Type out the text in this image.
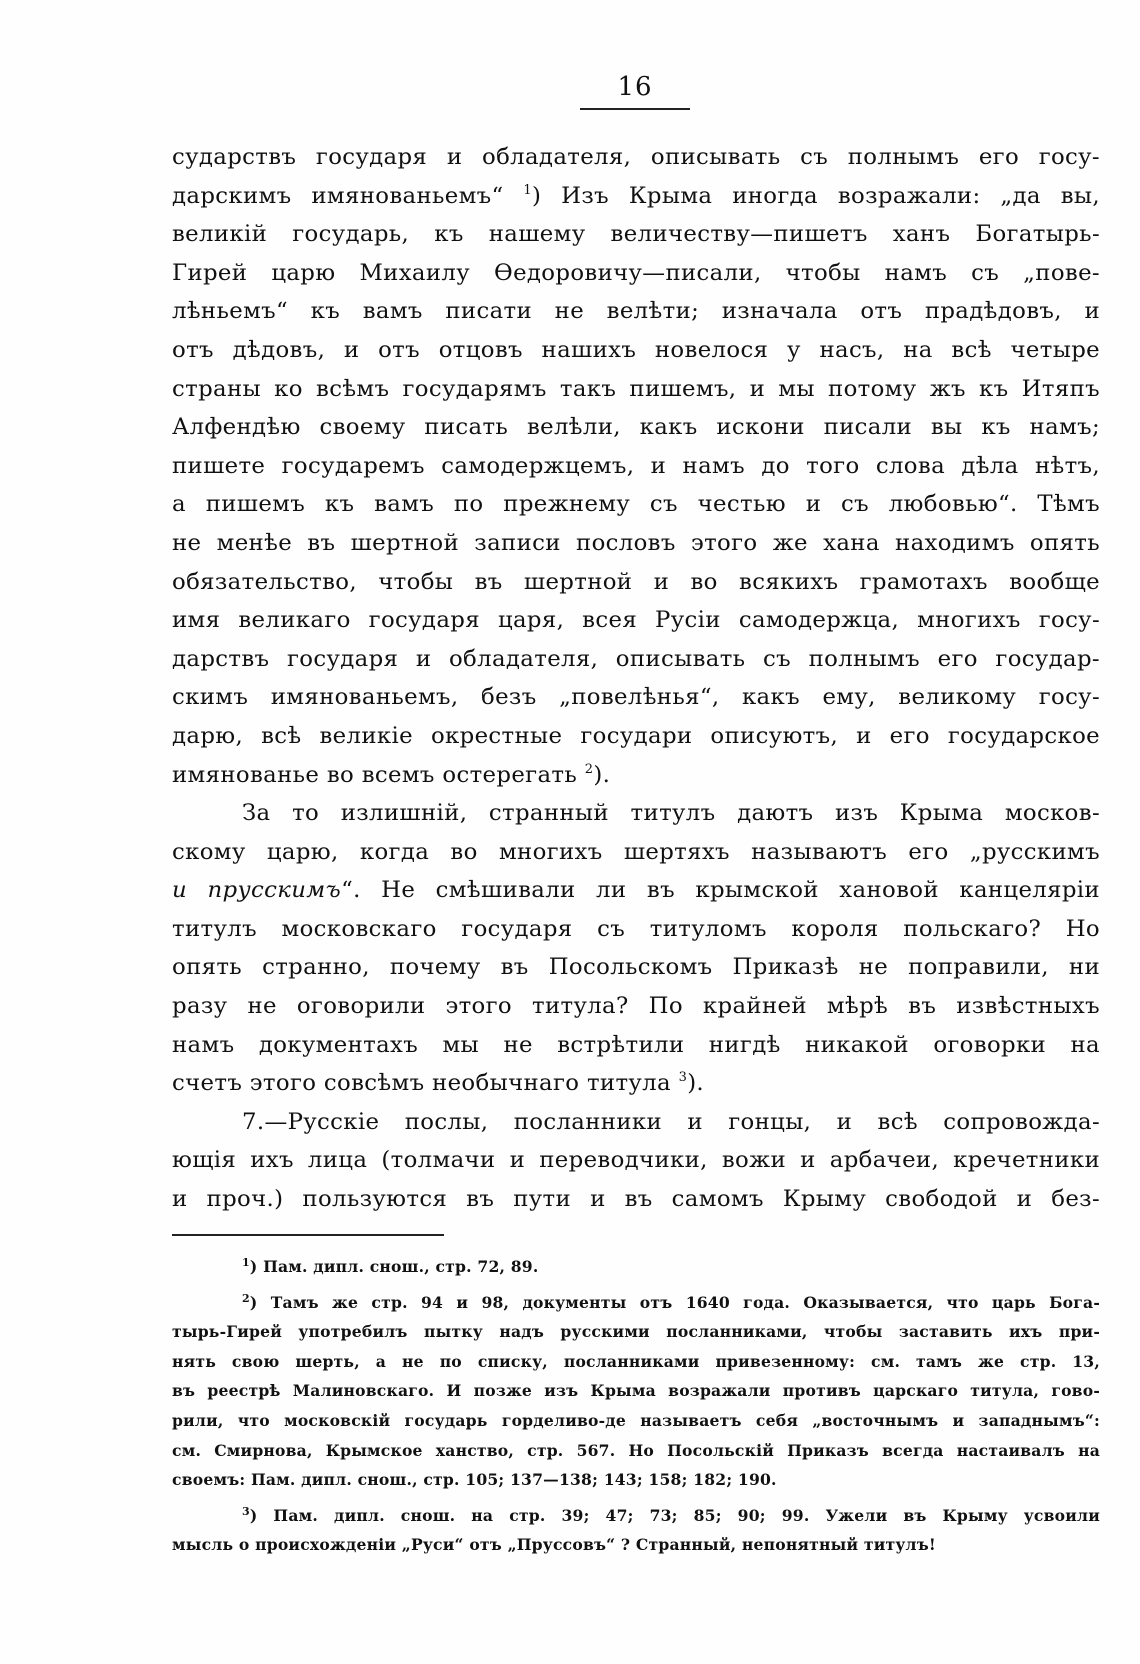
16

сударствъ государя и обладателя, описывать съ полнымъ его госу-
дарскимъ имянованьемъ“ $^1$) Изъ Крыма иногда возражали: „да вы,
великій государь, къ нашему величеству—пишетъ ханъ Богатырь-
Гирей царю Михаилу Ѳедоровичу—писали, чтобы намъ съ „пове-
лѣньемъ“ къ вамъ писати не велѣти; изначала отъ прадѣдовъ, и
отъ дѣдовъ, и отъ отцовъ нашихъ новелося у насъ, на всѣ четыре
страны ко всѣмъ государямъ такъ пишемъ, и мы потому жъ къ Итяпъ
Алфендѣю своему писать велѣли, какъ искони писали вы къ намъ;
пишете государемъ самодержцемъ, и намъ до того слова дѣла нѣтъ,
а пишемъ къ вамъ по прежнему съ честью и съ любовью“. Тѣмъ
не менѣе въ шертной записи пословъ этого же хана находимъ опять
обязательство, чтобы въ шертной и во всякихъ грамотахъ вообще
имя великаго государя царя, всея Русіи самодержца, многихъ госу-
дарствъ государя и обладателя, описывать съ полнымъ его государ-
скимъ имянованьемъ, безъ „повелѣнья“, какъ ему, великому госу-
дарю, всѣ великіе окрестные государи описуютъ, и его государское
имянованье во всемъ остерегать $^2$).

За то излишній, странный титулъ даютъ изъ Крыма москов-
скому царю, когда во многихъ шертяхъ называютъ его „русскимъ
и прусскимъ“. Не смѣшивали ли въ крымской хановой канцеляріи
титулъ московскаго государя съ титуломъ короля польскаго? Но
опять странно, почему въ Посольскомъ Приказѣ не поправили, ни
разу не оговорили этого титула? По крайней мѣрѣ въ извѣстныхъ
намъ документахъ мы не встрѣтили нигдѣ никакой оговорки на
счетъ этого совсѣмъ необычнаго титула $^3$).

7.—Русскіе послы, посланники и гонцы, и всѣ сопровожда-
ющія ихъ лица (толмачи и переводчики, вожи и арбачеи, кречетники
и проч.) пользуются въ пути и въ самомъ Крыму свободой и без-

$^1$) Пам. дипл. снош., стр. 72, 89.
$^2$) Тамъ же стр. 94 и 98, документы отъ 1640 года. Оказывается, что царь Бога-
тырь-Гирей употребилъ пытку надъ русскими посланниками, чтобы заставить ихъ при-
нять свою шерть, а не по списку, посланниками привезенному: см. тамъ же стр. 13,
въ реестрѣ Малиновскаго. И позже изъ Крыма возражали противъ царскаго титула, гово-
рили, что московскій государь горделиво-де называетъ себя „восточнымъ и западнымъ“:
см. Смирнова, Крымское ханство, стр. 567. Но Посольскій Приказъ всегда настаивалъ на
своемъ: Пам. дипл. снош., стр. 105; 137—138; 143; 158; 182; 190.
$^3$) Пам. дипл. снош. на стр. 39; 47; 73; 85; 90; 99. Ужели въ Крыму усвоили
мысль о происхожденіи „Руси“ отъ „Пруссовъ“ ? Странный, непонятный титулъ!
